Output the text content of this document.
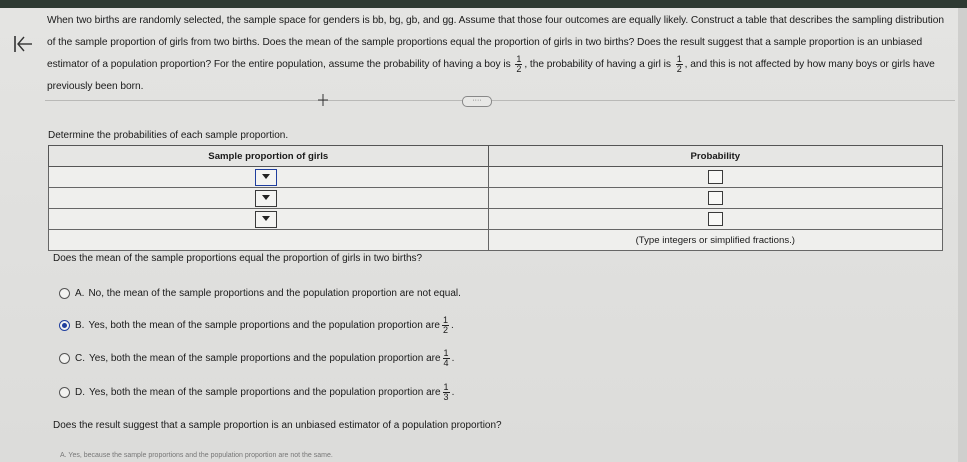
When two births are randomly selected, the sample space for genders is bb, bg, gb, and gg. Assume that those four outcomes are equally likely. Construct a table that describes the sampling distribution of the sample proportion of girls from two births. Does the mean of the sample proportions equal the proportion of girls in two births? Does the result suggest that a sample proportion is an unbiased estimator of a population proportion? For the entire population, assume the probability of having a boy is $\frac{1}{2}$ , the probability of having a girl is $\frac{1}{2}$ , and this is not affected by how many boys or girls have previously been born.
····
Determine the probabilities of each sample proportion.
Sample proportion of girls	Probability

	(Type integers or simplified fractions.)
Does the mean of the sample proportions equal the proportion of girls in two births?
A. No, the mean of the sample proportions and the population proportion are not equal.
B. Yes, both the mean of the sample proportions and the population proportion are $\frac{1}{2}$ .
C. Yes, both the mean of the sample proportions and the population proportion are $\frac{1}{4}$ .
D. Yes, both the mean of the sample proportions and the population proportion are $\frac{1}{3}$ .
Does the result suggest that a sample proportion is an unbiased estimator of a population proportion?
A. Yes, because the sample proportions and the population proportion are not the same.
